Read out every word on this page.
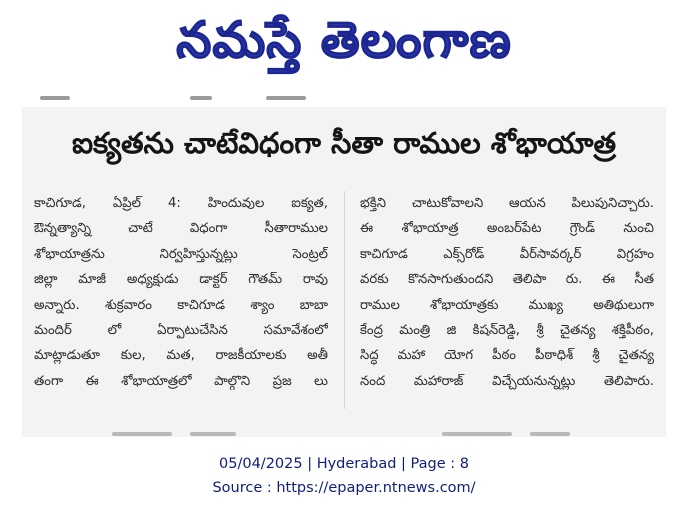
నమస్తే తెలంగాణ
ఐక్యతను చాటేవిధంగా సీతా రాముల శోభాయాత్ర
కాచిగూడ, ఏప్రిల్ 4: హిందువుల ఐక్యత,
ఔన్నత్యాన్ని చాటే విధంగా సీతారాముల
శోభాయాత్రను నిర్వహిస్తున్నట్లు సెంట్రల్
జిల్లా మాజీ అధ్యక్షుడు డాక్టర్ గౌతమ్ రావు
అన్నారు. శుక్రవారం కాచిగూడ శ్యాం బాబా
మందిర్ లో ఏర్పాటుచేసిన సమావేశంలో
మాట్లాడుతూ కుల, మత, రాజకీయాలకు అతీ
తంగా ఈ శోభాయాత్రలో పాల్గొని ప్రజ లు
భక్తిని చాటుకోవాలని ఆయన పిలుపునిచ్చారు.
ఈ శోభాయాత్ర అంబర్‌పేట గ్రౌండ్ నుంచి
కాచిగూడ ఎక్స్‌రోడ్ వీర్‌సావర్కర్ విగ్రహం
వరకు కొనసాగుతుందని తెలిపా రు. ఈ సీత
రాముల శోభాయాత్రకు ముఖ్య అతిథులుగా
కేంద్ర మంత్రి జి కిషన్‌రెడ్డి, శ్రీ చైతన్య శక్తిపీఠం,
సిద్ధ మహా యోగ పీఠం పీఠాధిశ్ శ్రీ చైతన్య
నంద మహారాజ్ విచ్చేయనున్నట్లు తెలిపారు.
05/04/2025 | Hyderabad | Page : 8
Source : https://epaper.ntnews.com/
